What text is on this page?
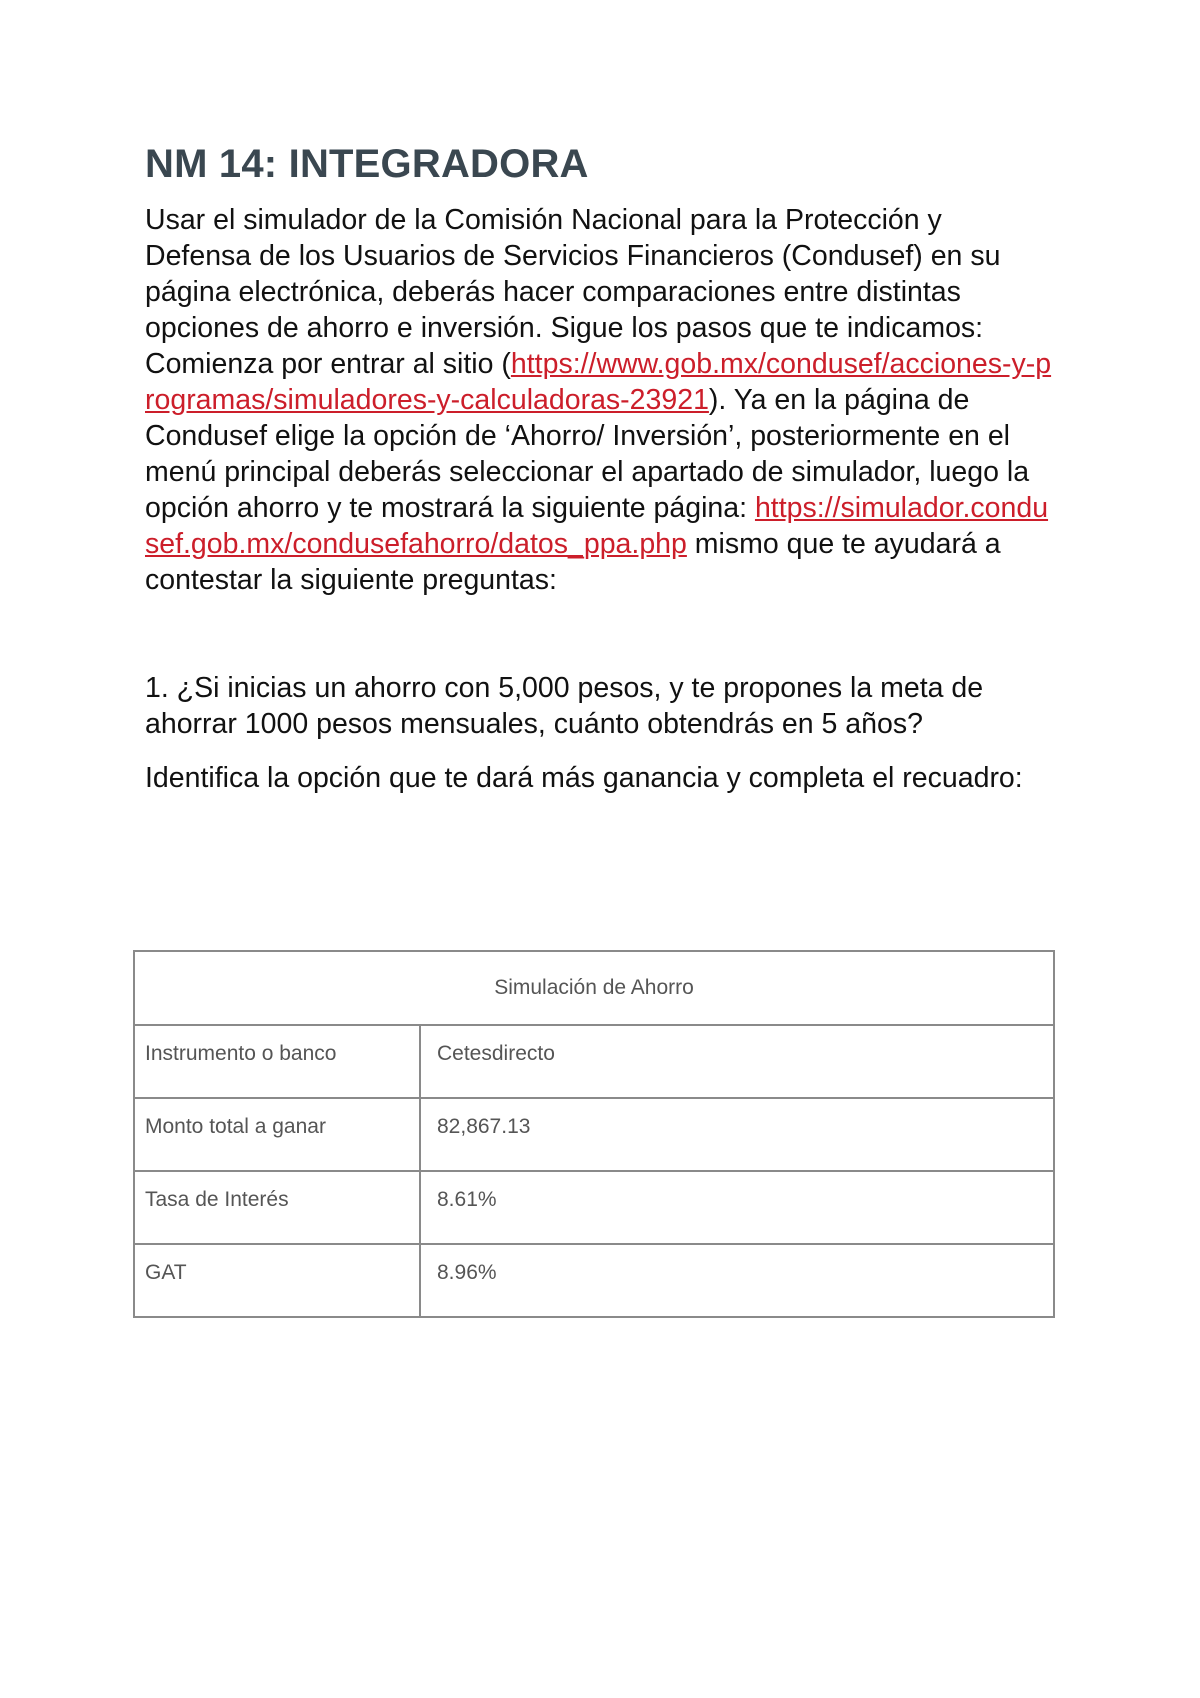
NM 14: INTEGRADORA

Usar el simulador de la Comisión Nacional para la Protección y Defensa de los Usuarios de Servicios Financieros (Condusef) en su página electrónica, deberás hacer comparaciones entre distintas opciones de ahorro e inversión. Sigue los pasos que te indicamos: Comienza por entrar al sitio (https://www.gob.mx/condusef/acciones-y-programas/simuladores-y-calculadoras-23921). Ya en la página de Condusef elige la opción de ‘Ahorro/ Inversión’, posteriormente en el menú principal deberás seleccionar el apartado de simulador, luego la opción ahorro y te mostrará la siguiente página: https://simulador.condusef.gob.mx/condusefahorro/datos_ppa.php mismo que te ayudará a contestar la siguiente preguntas:

1. ¿Si inicias un ahorro con 5,000 pesos, y te propones la meta de ahorrar 1000 pesos mensuales, cuánto obtendrás en 5 años?

Identifica la opción que te dará más ganancia y completa el recuadro:

Simulación de Ahorro	
Instrumento o banco	Cetesdirecto
Monto total a ganar	82,867.13
Tasa de Interés	8.61%
GAT	8.96%
